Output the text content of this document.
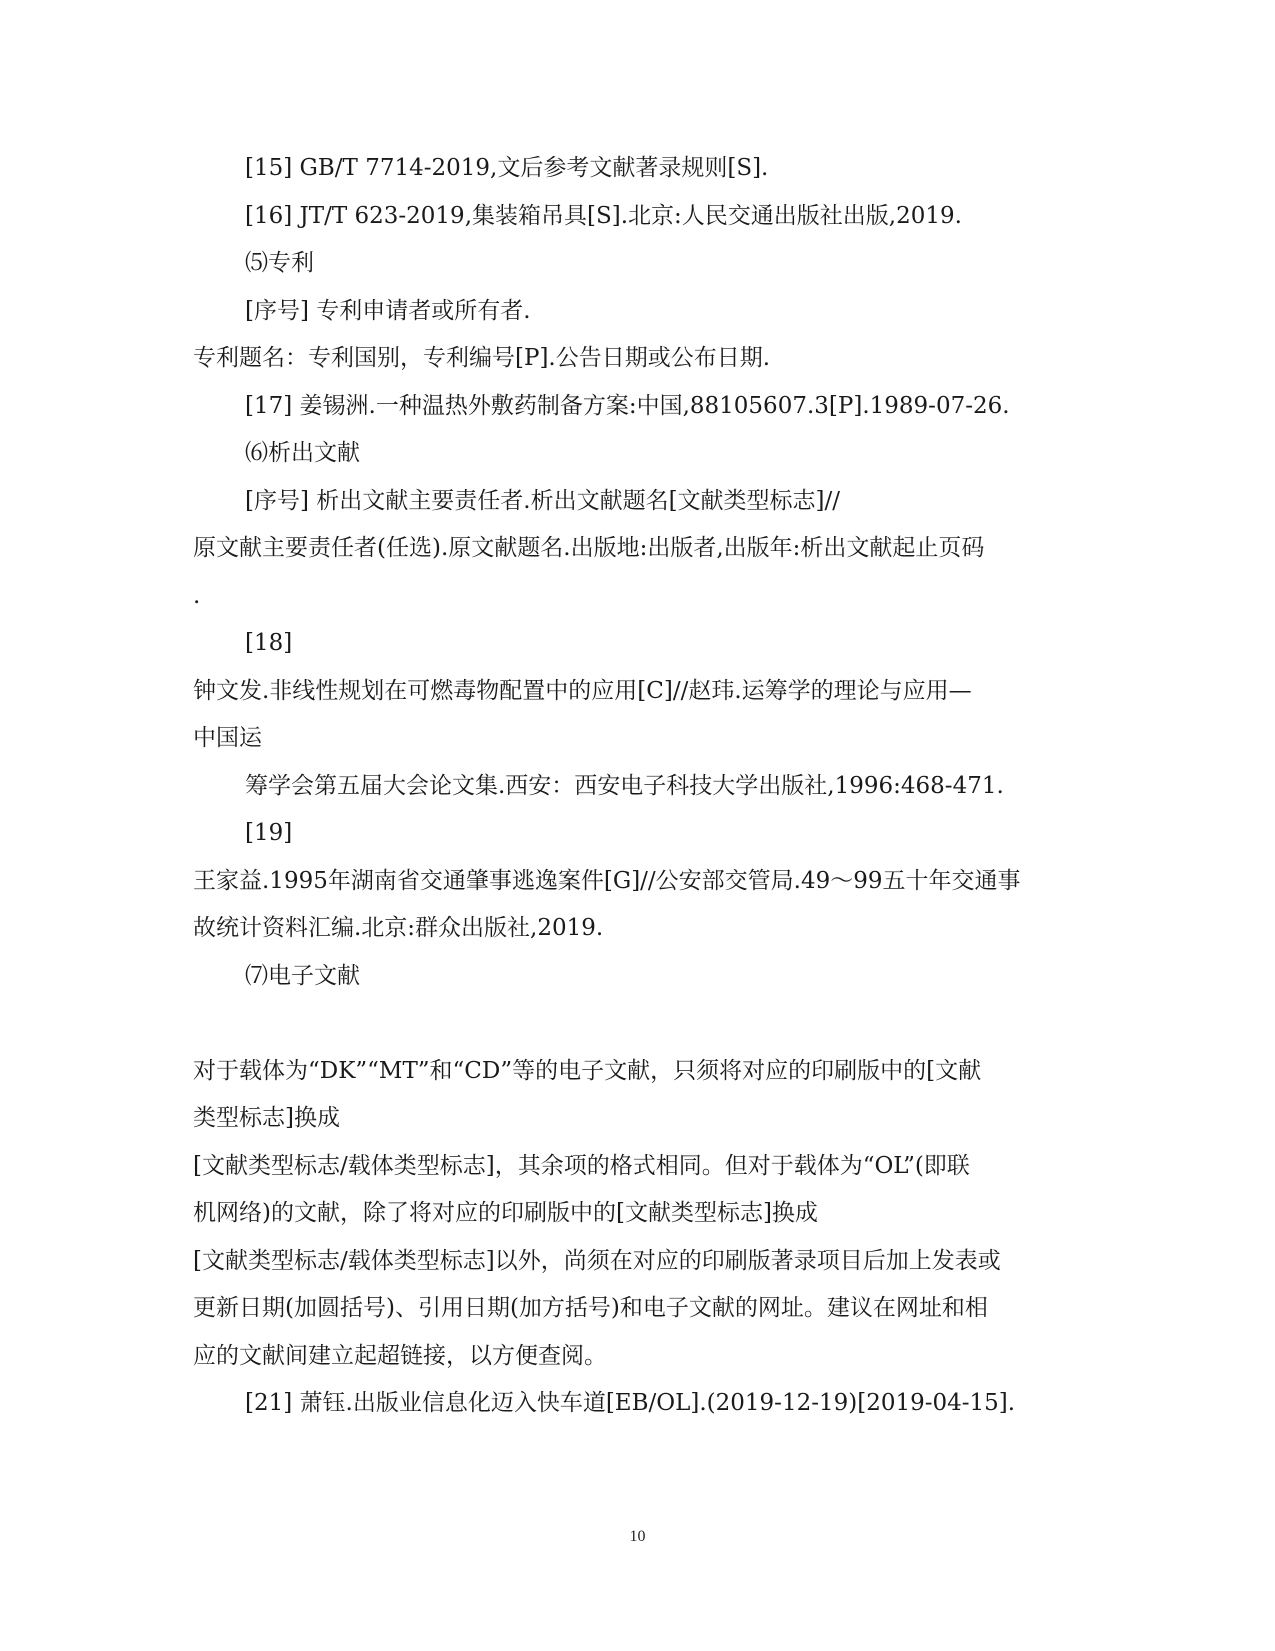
[15] GB/T 7714-2019,文后参考文献著录规则[S].
[16] JT/T 623-2019,集装箱吊具[S].北京:人民交通出版社出版,2019.
⑸专利
[序号] 专利申请者或所有者.
专利题名：专利国别，专利编号[P].公告日期或公布日期.
[17] 姜锡洲.一种温热外敷药制备方案:中国,88105607.3[P].1989-07-26.
⑹析出文献
[序号] 析出文献主要责任者.析出文献题名[文献类型标志]//
原文献主要责任者(任选).原文献题名.出版地:出版者,出版年:析出文献起止页码
.
[18]
钟文发.非线性规划在可燃毒物配置中的应用[C]//赵玮.运筹学的理论与应用—
中国运
筹学会第五届大会论文集.西安：西安电子科技大学出版社,1996:468-471.
[19]
王家益.1995年湖南省交通肇事逃逸案件[G]//公安部交管局.49～99五十年交通事
故统计资料汇编.北京:群众出版社,2019.
⑺电子文献
对于载体为“DK”“MT”和“CD”等的电子文献，只须将对应的印刷版中的[文献
类型标志]换成
[文献类型标志/载体类型标志]，其余项的格式相同。但对于载体为“OL”(即联
机网络)的文献，除了将对应的印刷版中的[文献类型标志]换成
[文献类型标志/载体类型标志]以外，尚须在对应的印刷版著录项目后加上发表或
更新日期(加圆括号)、引用日期(加方括号)和电子文献的网址。建议在网址和相
应的文献间建立起超链接，以方便查阅。
[21] 萧钰.出版业信息化迈入快车道[EB/OL].(2019-12-19)[2019-04-15].
10
